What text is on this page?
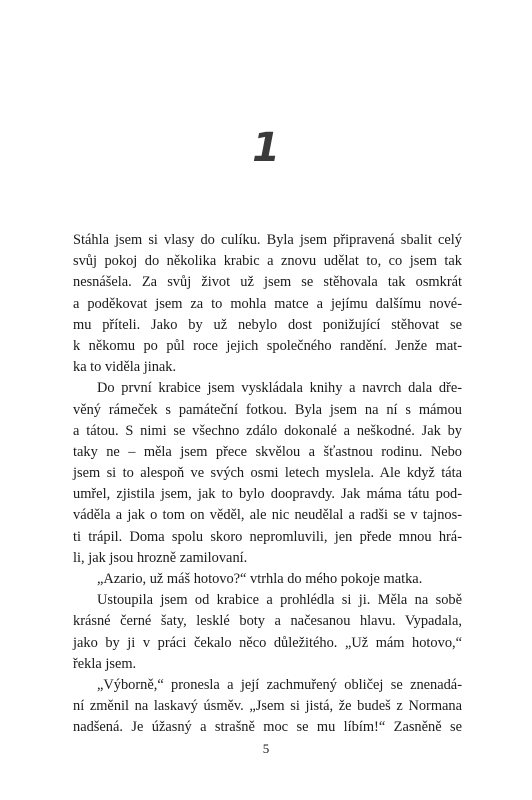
1
Stáhla jsem si vlasy do culíku. Byla jsem připravená sbalit celý
svůj pokoj do několika krabic a znovu udělat to, co jsem tak
nesnášela. Za svůj život už jsem se stěhovala tak osmkrát
a poděkovat jsem za to mohla matce a jejímu dalšímu nové-
mu příteli. Jako by už nebylo dost ponižující stěhovat se
k někomu po půl roce jejich společného randění. Jenže mat-
ka to viděla jinak.
Do první krabice jsem vyskládala knihy a navrch dala dře-
věný rámeček s památeční fotkou. Byla jsem na ní s mámou
a tátou. S nimi se všechno zdálo dokonalé a neškodné. Jak by
taky ne – měla jsem přece skvělou a šťastnou rodinu. Nebo
jsem si to alespoň ve svých osmi letech myslela. Ale když táta
umřel, zjistila jsem, jak to bylo doopravdy. Jak máma tátu pod-
váděla a jak o tom on věděl, ale nic neudělal a radši se v tajnos-
ti trápil. Doma spolu skoro nepromluvili, jen přede mnou hrá-
li, jak jsou hrozně zamilovaní.
„Azario, už máš hotovo?“ vtrhla do mého pokoje matka.
Ustoupila jsem od krabice a prohlédla si ji. Měla na sobě
krásné černé šaty, lesklé boty a načesanou hlavu. Vypadala,
jako by ji v práci čekalo něco důležitého. „Už mám hotovo,“
řekla jsem.
„Výborně,“ pronesla a její zachmuřený obličej se znenadá-
ní změnil na laskavý úsměv. „Jsem si jistá, že budeš z Normana
nadšená. Je úžasný a strašně moc se mu líbím!“ Zasněně se
5
